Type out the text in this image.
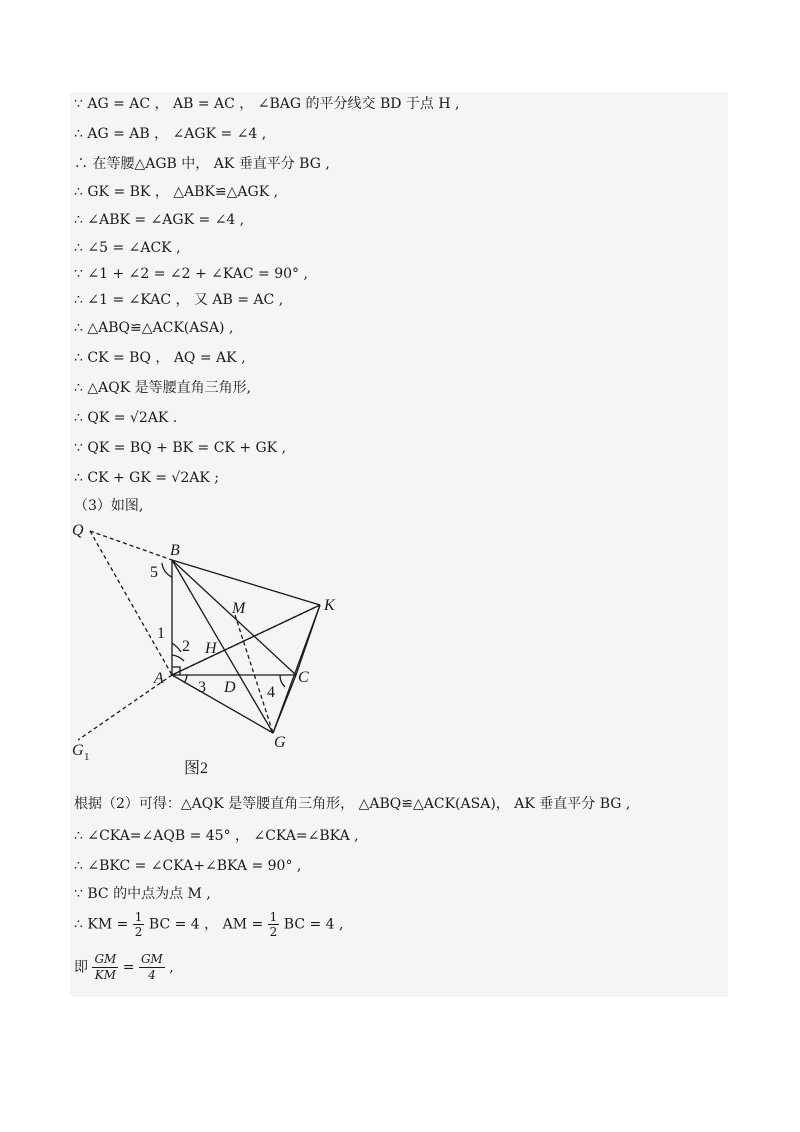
∵ AG = AC ， AB = AC ， ∠BAG 的平分线交 BD 于点 H ,
∴ AG = AB ， ∠AGK = ∠4 ,
∴ 在等腰△AGB 中， AK 垂直平分 BG ,
∴ GK = BK ， △ABK≌△AGK ,
∴ ∠ABK = ∠AGK = ∠4 ,
∴ ∠5 = ∠ACK ,
∵ ∠1 + ∠2 = ∠2 + ∠KAC = 90° ,
∴ ∠1 = ∠KAC ， 又 AB = AC ,
∴ △ABQ≌△ACK(ASA) ,
∴ CK = BQ ， AQ = AK ,
∴ △AQK 是等腰直角三角形,
∴ QK = √2AK .
∵ QK = BQ + BK = CK + GK ,
∴ CK + GK = √2AK ;
（3）如图,
Q
B
M	K
A
H
D
C
G
G 1
5
1
2
3	4
图2
根据（2）可得：△AQK 是等腰直角三角形， △ABQ≌△ACK(ASA)， AK 垂直平分 BG ,
∴ ∠CKA=∠AQB = 45° ， ∠CKA=∠BKA ,
∴ ∠BKC = ∠CKA+∠BKA = 90° ,
∵ BC 的中点为点 M ,
∴ KM = $\frac{1}{2}$ BC = 4 ， AM = $\frac{1}{2}$ BC = 4 ,
即 $\frac{GM}{KM} = \frac{GM}{4}$ ,
